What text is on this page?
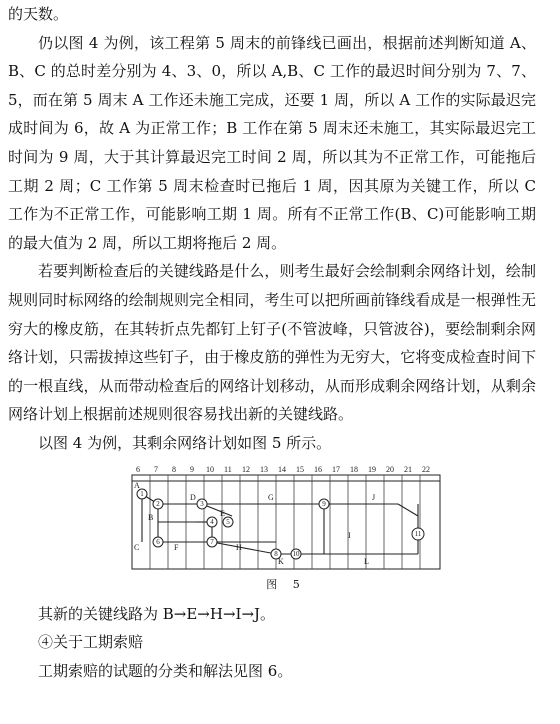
的天数。

仍以图 4 为例，该工程第 5 周末的前锋线已画出，根据前述判断知道 A、B、C 的总时差分别为 4、3、0，所以 A,B、C 工作的最迟时间分别为 7、7、5，而在第 5 周末 A 工作还未施工完成，还要 1 周，所以 A 工作的实际最迟完成时间为 6，故 A 为正常工作；B 工作在第 5 周末还未施工，其实际最迟完工时间为 9 周，大于其计算最迟完工时间 2 周，所以其为不正常工作，可能拖后工期 2 周；C 工作第 5 周末检查时已拖后 1 周，因其原为关键工作，所以 C 工作为不正常工作，可能影响工期 1 周。所有不正常工作(B、C)可能影响工期的最大值为 2 周，所以工期将拖后 2 周。

若要判断检查后的关键线路是什么，则考生最好会绘制剩余网络计划，绘制规则同时标网络的绘制规则完全相同，考生可以把所画前锋线看成是一根弹性无穷大的橡皮筋，在其转折点先都钉上钉子(不管波峰，只管波谷)，要绘制剩余网络计划，只需拔掉这些钉子，由于橡皮筋的弹性为无穷大，它将变成检查时间下的一根直线，从而带动检查后的网络计划移动，从而形成剩余网络计划，从剩余网络计划上根据前述规则很容易找出新的关键线路。

以图 4 为例，其剩余网络计划如图 5 所示。

6 7 8 9 10 11 12 13 14 15 16 17 18 19 20 21 22
1
2	3
4 5
6	7
8
9
10
11
A
B
C
D
E
F
G
H
I
J
K	L
图 5

其新的关键线路为 B→E→H→I→J。

④关于工期索赔

工期索赔的试题的分类和解法见图 6。
